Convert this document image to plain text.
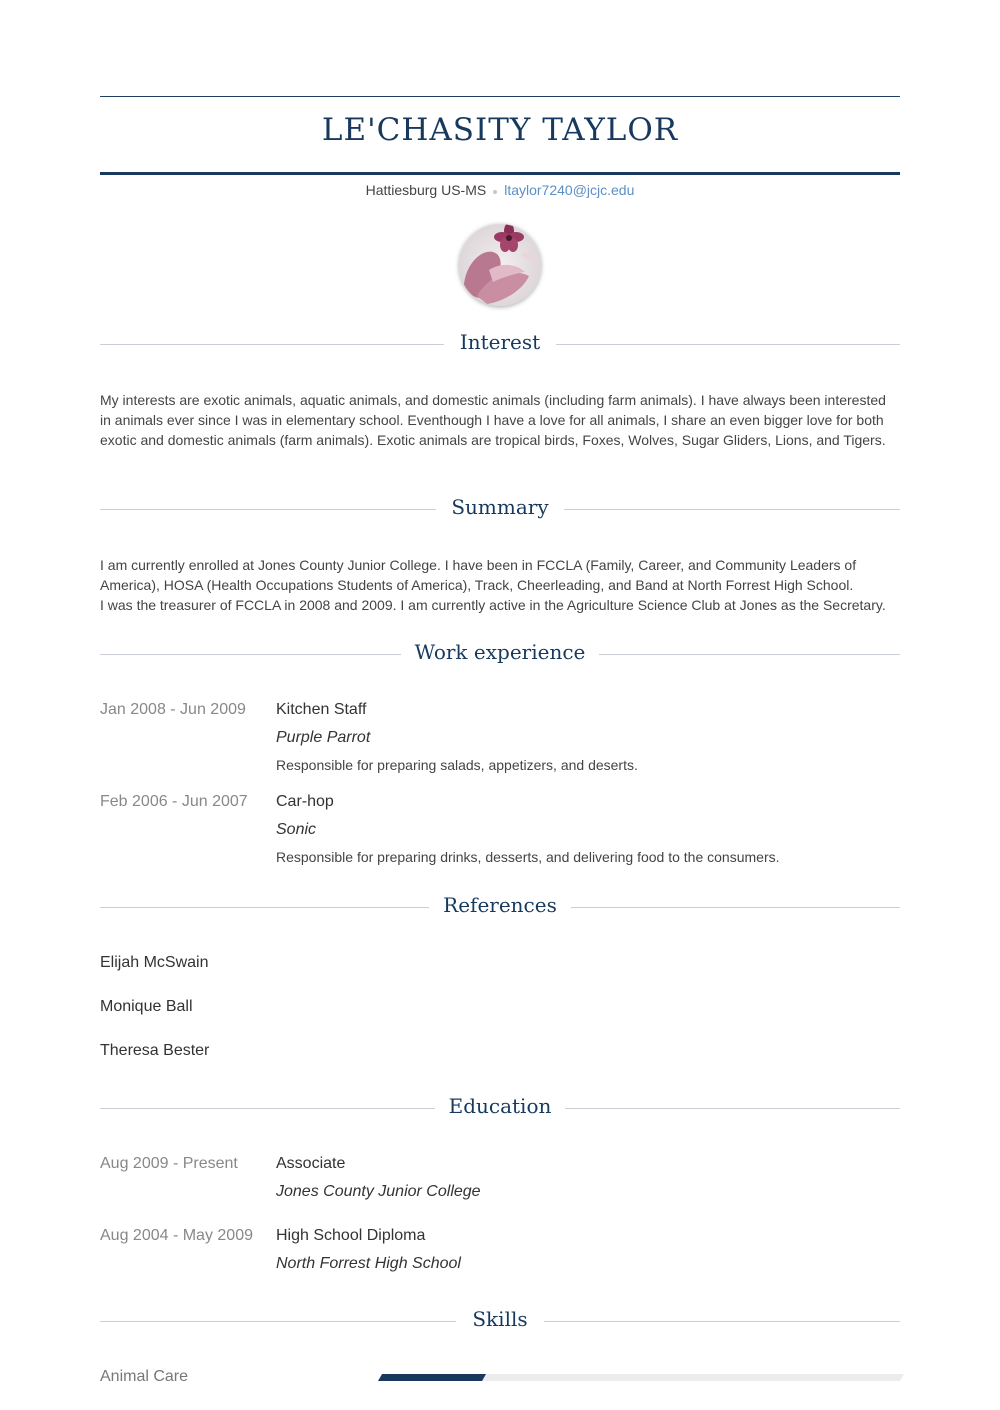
LE'CHASITY TAYLOR
Hattiesburg US-MS ltaylor7240@jcjc.edu
Interest
My interests are exotic animals, aquatic animals, and domestic animals (including farm animals). I have always been interested in animals ever since I was in elementary school. Eventhough I have a love for all animals, I share an even bigger love for both exotic and domestic animals (farm animals). Exotic animals are tropical birds, Foxes, Wolves, Sugar Gliders, Lions, and Tigers.
Summary
I am currently enrolled at Jones County Junior College. I have been in FCCLA (Family, Career, and Community Leaders of America), HOSA (Health Occupations Students of America), Track, Cheerleading, and Band at North Forrest High School.
I was the treasurer of FCCLA in 2008 and 2009. I am currently active in the Agriculture Science Club at Jones as the Secretary.
Work experience
Jan 2008 - Jun 2009 Kitchen Staff
Purple Parrot
Responsible for preparing salads, appetizers, and deserts.
Feb 2006 - Jun 2007 Car-hop
Sonic
Responsible for preparing drinks, desserts, and delivering food to the consumers.
References
Elijah McSwain
Monique Ball
Theresa Bester
Education
Aug 2009 - Present Associate
Jones County Junior College
Aug 2004 - May 2009 High School Diploma
North Forrest High School
Skills
Animal Care
